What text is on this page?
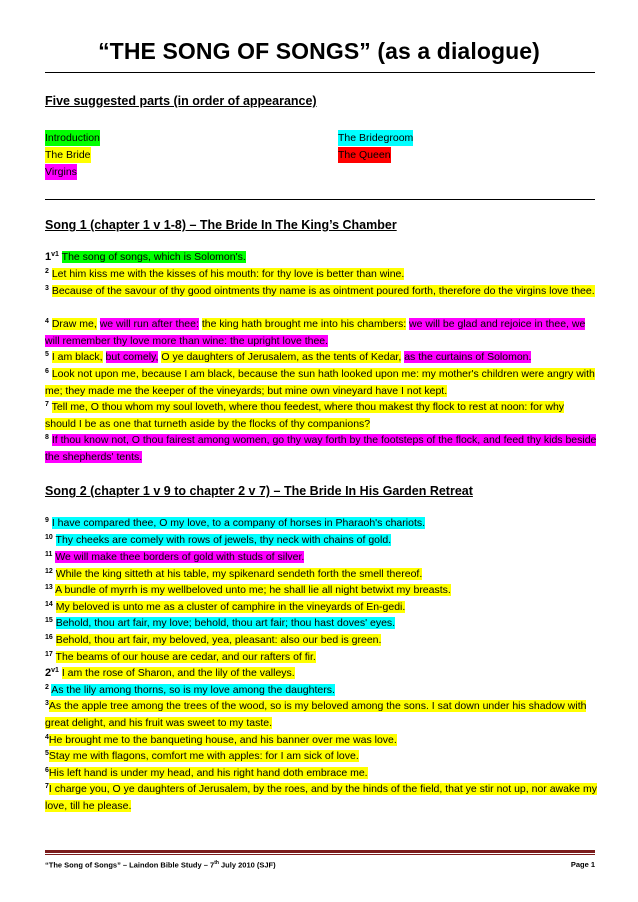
“THE SONG OF SONGS” (as a dialogue)
Five suggested parts (in order of appearance)
Introduction
The Bride
Virgins
The Bridegroom
The Queen
Song 1 (chapter 1 v 1-8) – The Bride In The King’s Chamber
$1^{v1}$ The song of songs, which is Solomon's.
$^2$ Let him kiss me with the kisses of his mouth: for thy love is better than wine.
$^3$ Because of the savour of thy good ointments thy name is as ointment poured forth, therefore do the virgins love thee.
$^4$ Draw me, we will run after thee: the king hath brought me into his chambers: we will be glad and rejoice in thee, we will remember thy love more than wine: the upright love thee.
$^5$ I am black, but comely, O ye daughters of Jerusalem, as the tents of Kedar, as the curtains of Solomon.
$^6$ Look not upon me, because I am black, because the sun hath looked upon me: my mother's children were angry with me; they made me the keeper of the vineyards; but mine own vineyard have I not kept.
$^7$ Tell me, O thou whom my soul loveth, where thou feedest, where thou makest thy flock to rest at noon: for why should I be as one that turneth aside by the flocks of thy companions?
$^8$ If thou know not, O thou fairest among women, go thy way forth by the footsteps of the flock, and feed thy kids beside the shepherds' tents.
Song 2 (chapter 1 v 9 to chapter 2 v 7) – The Bride In His Garden Retreat
$^9$ I have compared thee, O my love, to a company of horses in Pharaoh's chariots.
$^{10}$ Thy cheeks are comely with rows of jewels, thy neck with chains of gold.
$^{11}$ We will make thee borders of gold with studs of silver.
$^{12}$ While the king sitteth at his table, my spikenard sendeth forth the smell thereof.
$^{13}$ A bundle of myrrh is my wellbeloved unto me; he shall lie all night betwixt my breasts.
$^{14}$ My beloved is unto me as a cluster of camphire in the vineyards of En-gedi.
$^{15}$ Behold, thou art fair, my love; behold, thou art fair; thou hast doves' eyes.
$^{16}$ Behold, thou art fair, my beloved, yea, pleasant: also our bed is green.
$^{17}$ The beams of our house are cedar, and our rafters of fir.
$2^{v1}$ I am the rose of Sharon, and the lily of the valleys.
$^2$ As the lily among thorns, so is my love among the daughters.
$^3$As the apple tree among the trees of the wood, so is my beloved among the sons. I sat down under his shadow with great delight, and his fruit was sweet to my taste.
$^4$He brought me to the banqueting house, and his banner over me was love.
$^5$Stay me with flagons, comfort me with apples: for I am sick of love.
$^6$His left hand is under my head, and his right hand doth embrace me.
$^7$I charge you, O ye daughters of Jerusalem, by the roes, and by the hinds of the field, that ye stir not up, nor awake my love, till he please.
“The Song of Songs” – Laindon Bible Study – 7th July 2010 (SJF)	Page 1
